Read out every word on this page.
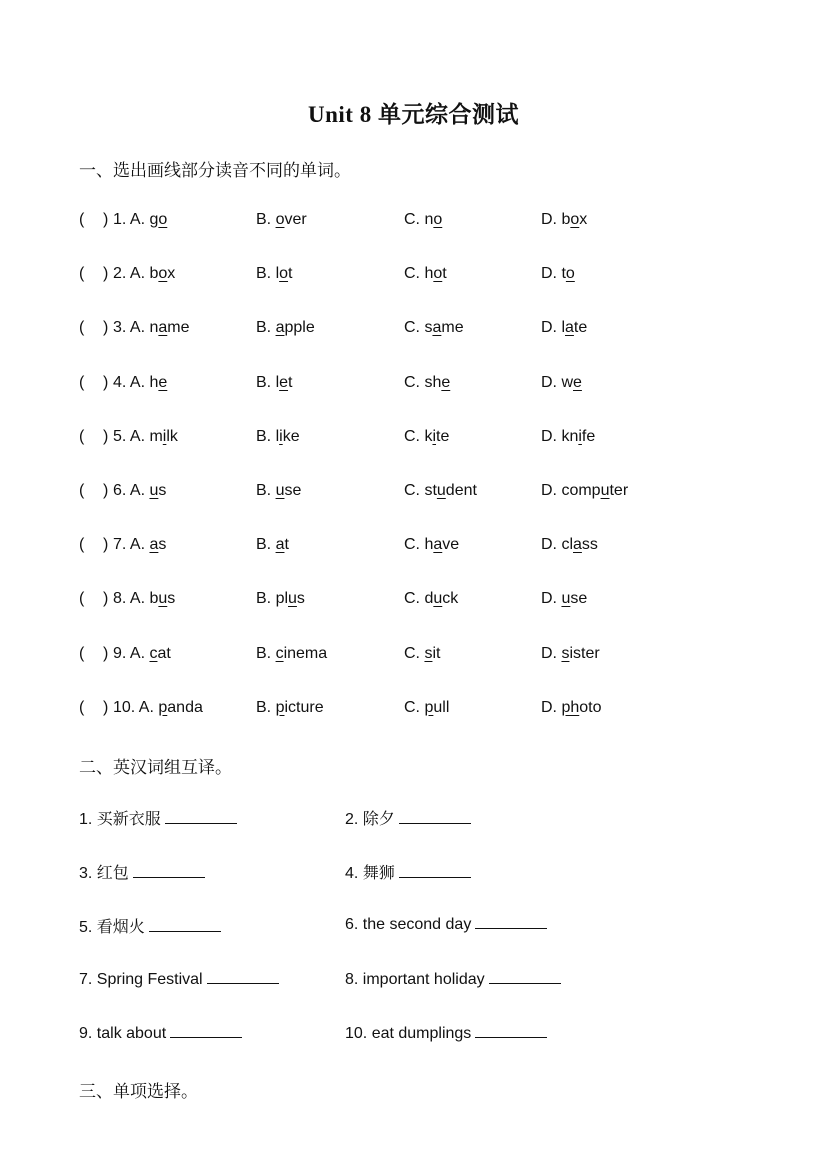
Unit 8 单元综合测试
一、选出画线部分读音不同的单词。
( ) 1. A. go	B. over	C. no	D. box
( ) 2. A. box	B. lot	C. hot	D. to
( ) 3. A. name	B. apple	C. same	D. late
( ) 4. A. he	B. let	C. she	D. we
( ) 5. A. milk	B. like	C. kite	D. knife
( ) 6. A. us	B. use	C. student	D. computer
( ) 7. A. as	B. at	C. have	D. class
( ) 8. A. bus	B. plus	C. duck	D. use
( ) 9. A. cat	B. cinema	C. sit	D. sister
( ) 10. A. panda	B. picture	C. pull	D. photo
二、英汉词组互译。
1. 买新衣服	2. 除夕
3. 红包	4. 舞狮
5. 看烟火	6. the second day
7. Spring Festival	8. important holiday
9. talk about	10. eat dumplings
三、单项选择。
